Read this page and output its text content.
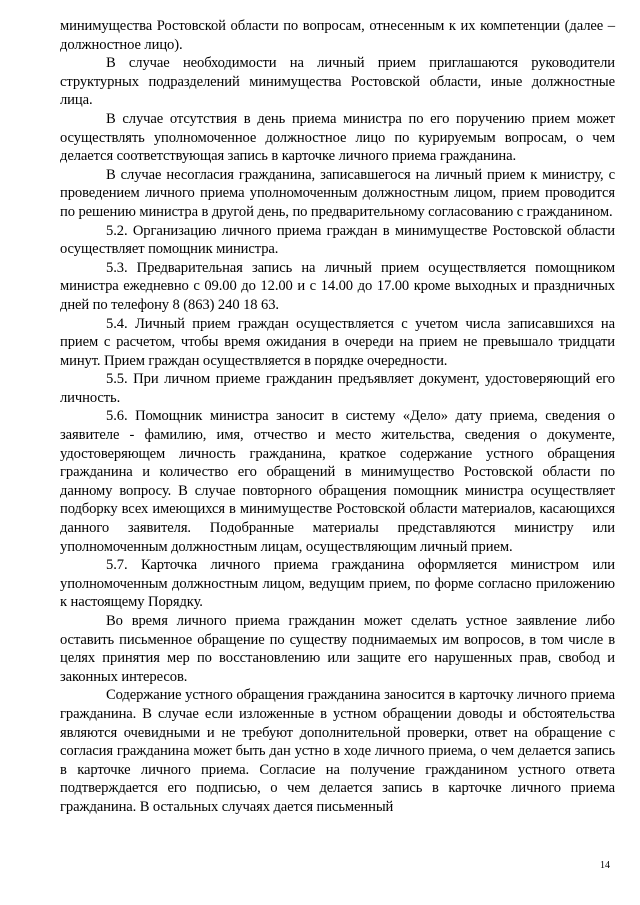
минимущества Ростовской области по вопросам, отнесенным к их компетенции (далее – должностное лицо).

В случае необходимости на личный прием приглашаются руководители структурных подразделений минимущества Ростовской области, иные должностные лица.

В случае отсутствия в день приема министра по его поручению прием может осуществлять уполномоченное должностное лицо по курируемым вопросам, о чем делается соответствующая запись в карточке личного приема гражданина.

В случае несогласия гражданина, записавшегося на личный прием к министру, с проведением личного приема уполномоченным должностным лицом, прием проводится по решению министра в другой день, по предварительному согласованию с гражданином.

5.2. Организацию личного приема граждан в минимуществе Ростовской области осуществляет помощник министра.

5.3. Предварительная запись на личный прием осуществляется помощником министра ежедневно с 09.00 до 12.00 и с 14.00 до 17.00 кроме выходных и праздничных дней по телефону 8 (863) 240 18 63.

5.4. Личный прием граждан осуществляется с учетом числа записавшихся на прием с расчетом, чтобы время ожидания в очереди на прием не превышало тридцати минут. Прием граждан осуществляется в порядке очередности.

5.5. При личном приеме гражданин предъявляет документ, удостоверяющий его личность.

5.6. Помощник министра заносит в систему «Дело» дату приема, сведения о заявителе - фамилию, имя, отчество и место жительства, сведения о документе, удостоверяющем личность гражданина, краткое содержание устного обращения гражданина и количество его обращений в минимущество Ростовской области по данному вопросу. В случае повторного обращения помощник министра осуществляет подборку всех имеющихся в минимуществе Ростовской области материалов, касающихся данного заявителя. Подобранные материалы представляются министру или уполномоченным должностным лицам, осуществляющим личный прием.

5.7. Карточка личного приема гражданина оформляется министром или уполномоченным должностным лицом, ведущим прием, по форме согласно приложению к настоящему Порядку.

Во время личного приема гражданин может сделать устное заявление либо оставить письменное обращение по существу поднимаемых им вопросов, в том числе в целях принятия мер по восстановлению или защите его нарушенных прав, свобод и законных интересов.

Содержание устного обращения гражданина заносится в карточку личного приема гражданина. В случае если изложенные в устном обращении доводы и обстоятельства являются очевидными и не требуют дополнительной проверки, ответ на обращение с согласия гражданина может быть дан устно в ходе личного приема, о чем делается запись в карточке личного приема. Согласие на получение гражданином устного ответа подтверждается его подписью, о чем делается запись в карточке личного приема гражданина. В остальных случаях дается письменный

14
